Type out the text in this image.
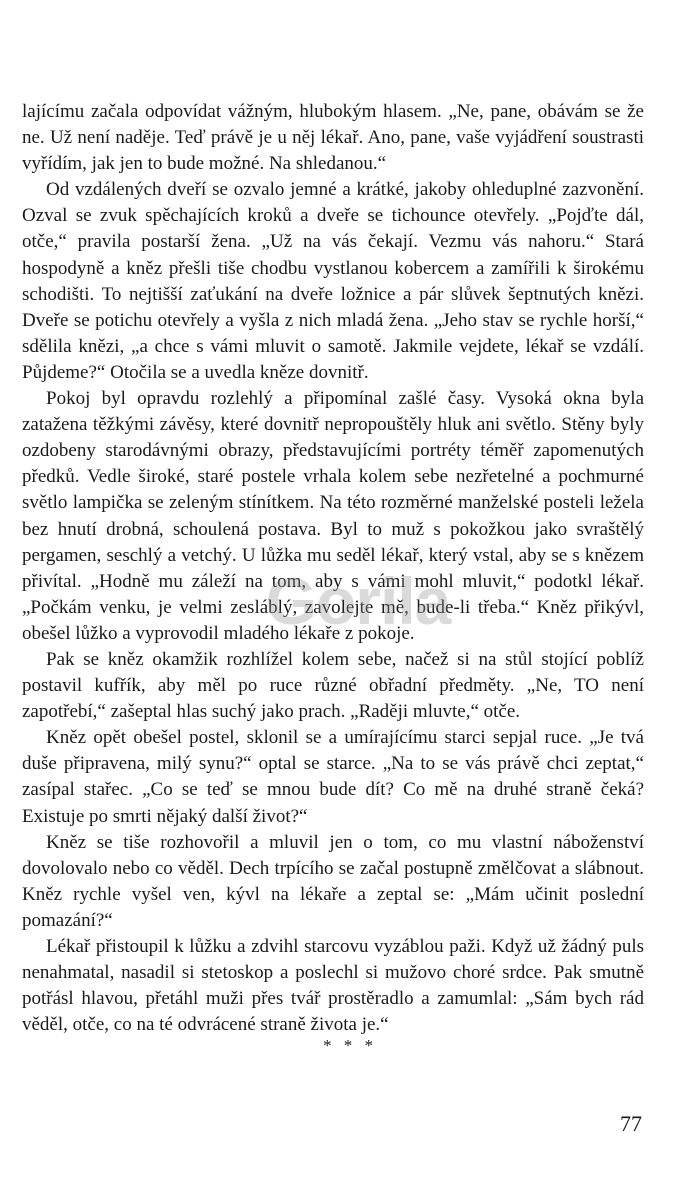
lajícímu začala odpovídat vážným, hlubokým hlasem. „Ne, pane, obávám se že ne. Už není naděje. Teď právě je u něj lékař. Ano, pane, vaše vyjádření soustrasti vyřídím, jak jen to bude možné. Na shledanou.“

Od vzdálených dveří se ozvalo jemné a krátké, jakoby ohleduplné zazvonění. Ozval se zvuk spěchajících kroků a dveře se tichounce otevřely. „Pojďte dál, otče,“ pravila postarší žena. „Už na vás čekají. Vezmu vás nahoru.“ Stará hospodyně a kněz přešli tiše chodbu vystlanou kobercem a zamířili k širokému schodišti. To nejtišší zaťukání na dveře ložnice a pár slůvek šeptnutých knězi. Dveře se potichu otevřely a vyšla z nich mladá žena. „Jeho stav se rychle horší,“ sdělila knězi, „a chce s vámi mluvit o samotě. Jakmile vejdete, lékař se vzdálí. Půjdeme?“ Otočila se a uvedla kněze dovnitř.

Pokoj byl opravdu rozlehlý a připomínal zašlé časy. Vysoká okna byla zatažena těžkými závěsy, které dovnitř nepropouštěly hluk ani světlo. Stěny byly ozdobeny starodávnými obrazy, představujícími portréty téměř zapomenutých předků. Vedle široké, staré postele vrhala kolem sebe nezřetelné a pochmurné světlo lampička se zeleným stínítkem. Na této rozměrné manželské posteli ležela bez hnutí drobná, schoulená postava. Byl to muž s pokožkou jako svraštělý pergamen, seschlý a vetchý. U lůžka mu seděl lékař, který vstal, aby se s knězem přivítal. „Hodně mu záleží na tom, aby s vámi mohl mluvit,“ podotkl lékař. „Počkám venku, je velmi zesláblý, zavolejte mě, bude-li třeba.“ Kněz přikývl, obešel lůžko a vyprovodil mladého lékaře z pokoje.

Pak se kněz okamžik rozhlížel kolem sebe, načež si na stůl stojící poblíž postavil kufřík, aby měl po ruce různé obřadní předměty. „Ne, TO není zapotřebí,“ zašeptal hlas suchý jako prach. „Raději mluvte,“ otče.

Kněz opět obešel postel, sklonil se a umírajícímu starci sepjal ruce. „Je tvá duše připravena, milý synu?“ optal se starce. „Na to se vás právě chci zeptat,“ zasípal stařec. „Co se teď se mnou bude dít? Co mě na druhé straně čeká? Existuje po smrti nějaký další život?“

Kněz se tiše rozhovořil a mluvil jen o tom, co mu vlastní náboženství dovolovalo nebo co věděl. Dech trpícího se začal postupně změlčovat a slábnout. Kněz rychle vyšel ven, kývl na lékaře a zeptal se: „Mám učinit poslední pomazání?“

Lékař přistoupil k lůžku a zdvihl starcovu vyzáblou paži. Když už žádný puls nenahmatal, nasadil si stetoskop a poslechl si mužovo choré srdce. Pak smutně potřásl hlavou, přetáhl muži přes tvář prostěradlo a zamumlal: „Sám bych rád věděl, otče, co na té odvrácené straně života je.“

* * *
77
Gorila
